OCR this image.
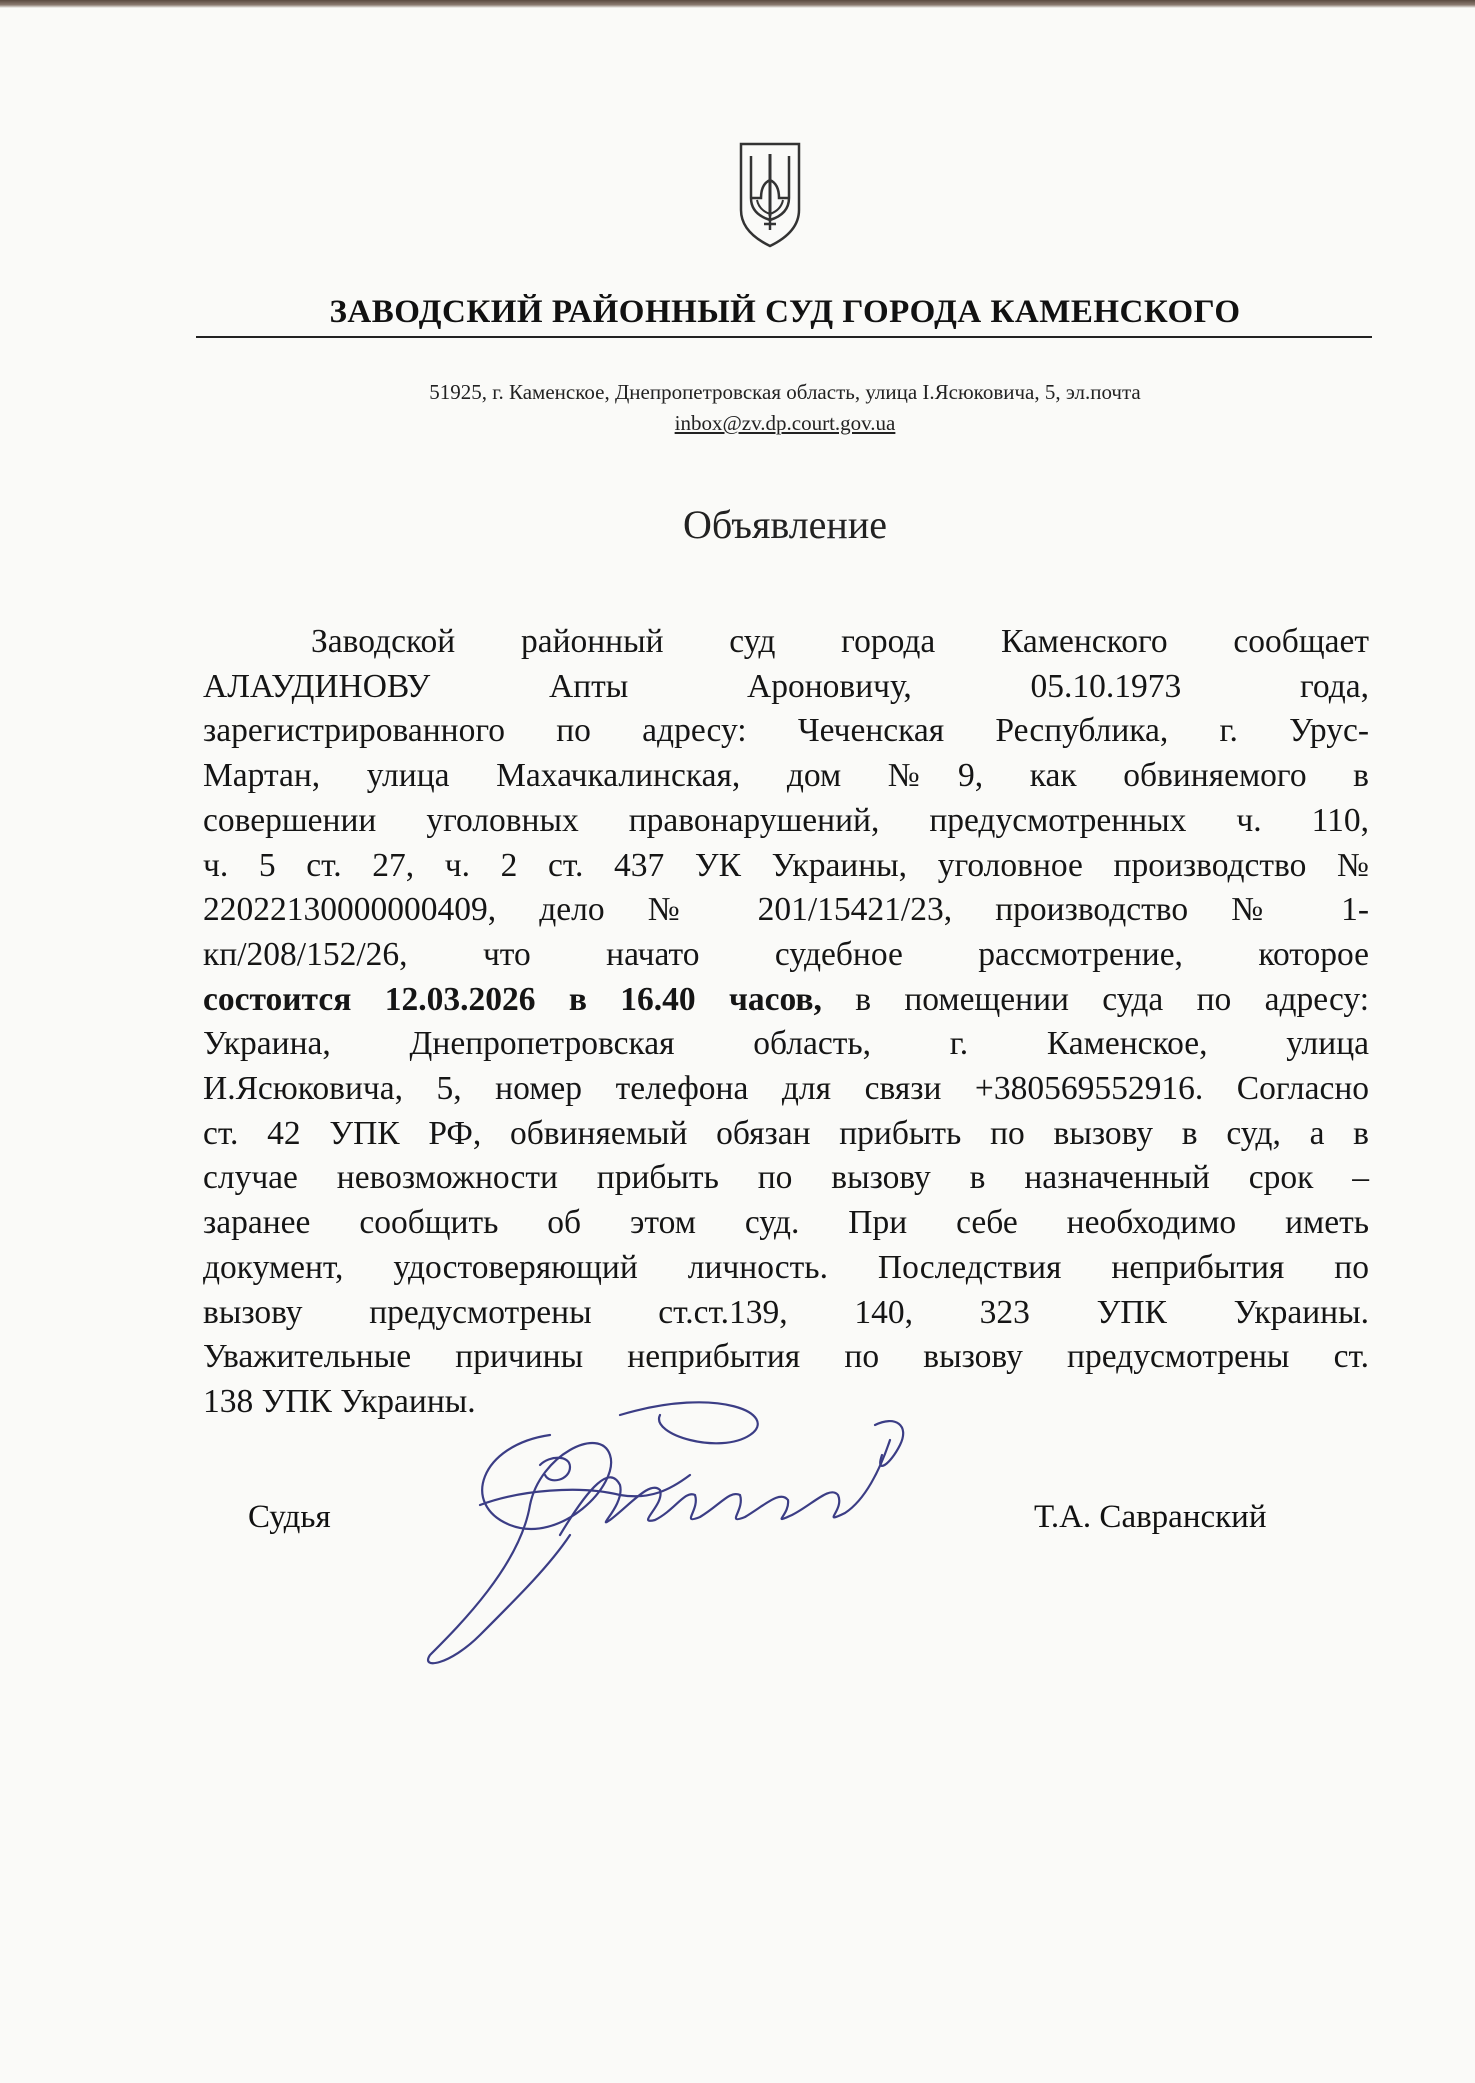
ЗАВОДСКИЙ РАЙОННЫЙ СУД ГОРОДА КАМЕНСКОГО
51925, г. Каменское, Днепропетровская область, улица І.Ясюковича, 5, эл.почта
inbox@zv.dp.court.gov.ua
Объявление
Заводской районный суд города Каменского сообщает
АЛАУДИНОВУ Апты Ароновичу, 05.10.1973 года,
зарегистрированного по адресу: Чеченская Республика, г. Урус-
Мартан, улица Махачкалинская, дом №9, как обвиняемого в
совершении уголовных правонарушений, предусмотренных ч. 110,
ч. 5 ст. 27, ч. 2 ст. 437 УК Украины, уголовное производство №
22022130000000409, дело № 201/15421/23, производство № 1-
кп/208/152/26, что начато судебное рассмотрение, которое
состоится 12.03.2026 в 16.40 часов, в помещении суда по адресу:
Украина, Днепропетровская область, г. Каменское, улица
И.Ясюковича, 5, номер телефона для связи +380569552916. Согласно
ст. 42 УПК РФ, обвиняемый обязан прибыть по вызову в суд, а в
случае невозможности прибыть по вызову в назначенный срок –
заранее сообщить об этом суд. При себе необходимо иметь
документ, удостоверяющий личность. Последствия неприбытия по
вызову предусмотрены ст.ст.139, 140, 323 УПК Украины.
Уважительные причины неприбытия по вызову предусмотрены ст.
138 УПК Украины.
Судья	Т.А. Савранский
